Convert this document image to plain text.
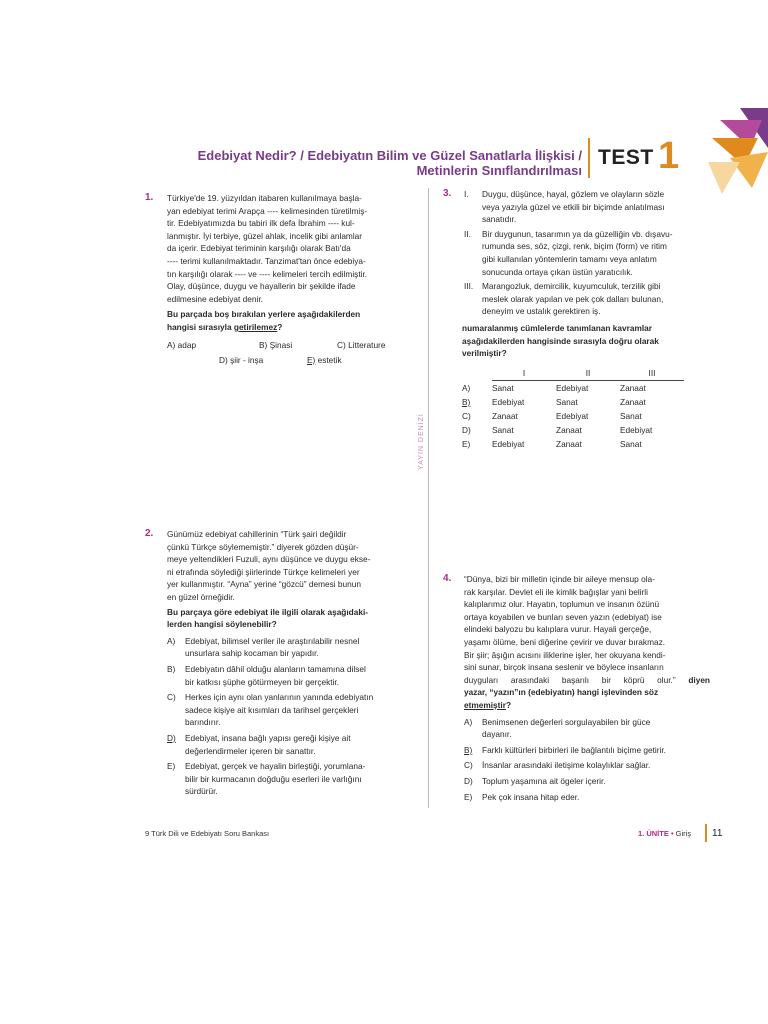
Edebiyat Nedir? / Edebiyatın Bilim ve Güzel Sanatlarla İlişkisi /
Metinlerin Sınıflandırılması
TEST 1
YAYIN DENİZİ
1. Türkiye'de 19. yüzyıldan itabaren kullanılmaya başla-
yan edebiyat terimi Arapça ---- kelimesinden türetilmiş-
tir. Edebiyatımızda bu tabiri ilk defa İbrahim ---- kul-
lanmıştır. İyi terbiye, güzel ahlak, incelik gibi anlamlar
da içerir. Edebiyat teriminin karşılığı olarak Batı'da
---- terimi kullanılmaktadır. Tanzimat'tan önce edebiya-
tın karşılığı olarak ---- ve ---- kelimeleri tercih edilmiştir.
Olay, düşünce, duygu ve hayallerin bir şekilde ifade
edilmesine edebiyat denir.
Bu parçada boş bırakılan yerlere aşağıdakilerden
hangisi sırasıyla getirilemez?
A) adap	B) Şinasi	C) Litterature
D) şiir - inşa	E) estetik
2. Günümüz edebiyat cahillerinin “Türk şairi değildir
çünkü Türkçe söylememiştir.” diyerek gözden düşür-
meye yeltendikleri Fuzuli, aynı düşünce ve duygu ekse-
ni etrafında söylediği şiirlerinde Türkçe kelimeleri yer
yer kullanmıştır. “Ayna” yerine “gözcü” demesi bunun
en güzel örneğidir.
Bu parçaya göre edebiyat ile ilgili olarak aşağıdaki-
lerden hangisi söylenebilir?
A)	Edebiyat, bilimsel veriler ile araştırılabilir nesnel
unsurlara sahip kocaman bir yapıdır.
B)	Edebiyatın dâhil olduğu alanların tamamına dilsel
bir katkısı şüphe götürmeyen bir gerçektir.
C)	Herkes için aynı olan yanlarının yanında edebiyatın
sadece kişiye ait kısımları da tarihsel gerçekleri
barındırır.
D)	Edebiyat, insana bağlı yapısı gereği kişiye ait
değerlendirmeler içeren bir sanattır.
E)	Edebiyat, gerçek ve hayalin birleştiği, yorumlana-
bilir bir kurmacanın doğduğu eserleri ile varlığını
sürdürür.
3. I.	Duygu, düşünce, hayal, gözlem ve olayların sözle
veya yazıyla güzel ve etkili bir biçimde anlatılması
sanatıdır.
II.	Bir duygunun, tasarımın ya da güzelliğin vb. dışavu-
rumunda ses, söz, çizgi, renk, biçim (form) ve ritim
gibi kullanılan yöntemlerin tamamı veya anlatım
sonucunda ortaya çıkan üstün yaratıcılık.
III.	Marangozluk, demircilik, kuyumculuk, terzilik gibi
meslek olarak yapılan ve pek çok dalları bulunan,
deneyim ve ustalık gerektiren iş.
numaralanmış cümlelerde tanımlanan kavramlar
aşağıdakilerden hangisinde sırasıyla doğru olarak
verilmiştir?
	I	II	III
A)	Sanat	Edebiyat	Zanaat
B)	Edebiyat	Sanat	Zanaat
C)	Zanaat	Edebiyat	Sanat
D)	Sanat	Zanaat	Edebiyat
E)	Edebiyat	Zanaat	Sanat
4. “Dünya, bizi bir milletin içinde bir aileye mensup ola-
rak karşılar. Devlet eli ile kimlik bağışlar yani belirli
kalıplarımız olur. Hayatın, toplumun ve insanın özünü
ortaya koyabilen ve bunları seven yazın (edebiyat) ise
elindeki balyozu bu kalıplara vurur. Hayali gerçeğe,
yaşamı ölüme, beni diğerine çevirir ve duvar bırakmaz.
Bir şiir; âşığın acısını iliklerine işler, her okuyana kendi-
sini sunar, birçok insana seslenir ve böylece insanların
duyguları arasındaki başarılı bir köprü olur.” diyen
yazar, “yazın”ın (edebiyatın) hangi işlevinden söz
etmemiştir?
A)	Benimsenen değerleri sorgulayabilen bir güce
dayanır.
B)	Farklı kültürleri birbirleri ile bağlantılı biçime getirir.
C)	İnsanlar arasındaki iletişime kolaylıklar sağlar.
D)	Toplum yaşamına ait ögeler içerir.
E)	Pek çok insana hitap eder.
9 Türk Dili ve Edebiyatı Soru Bankası	1. ÜNİTE • Giriş 11
